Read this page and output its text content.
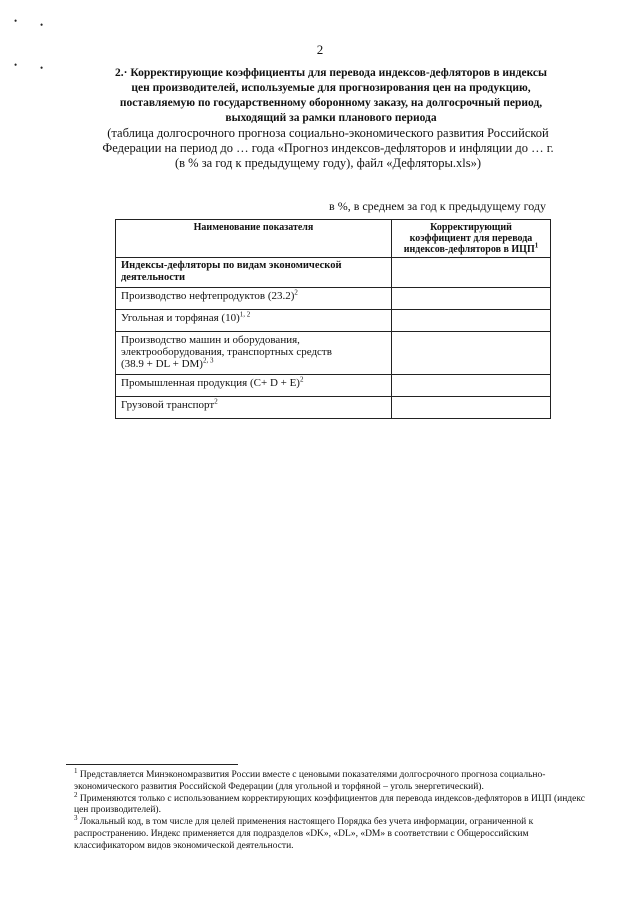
•	•
•	•
2
2.· Корректирующие коэффициенты для перевода индексов-дефляторов в индексы
цен производителей, используемые для прогнозирования цен на продукцию,
поставляемую по государственному оборонному заказу, на долгосрочный период,
выходящий за рамки планового периода
(таблица долгосрочного прогноза социально-экономического развития Российской
Федерации на период до … года «Прогноз индексов-дефляторов и инфляции до … г.
(в % за год к предыдущему году), файл «Дефляторы.xls»)
в %, в среднем за год к предыдущему году
Наименование показателя	Корректирующий
коэффициент для перевода
индексов-дефляторов в ИЦП$^1$

Индексы-дефляторы по видам экономической деятельности	
Производство нефтепродуктов $(23.2)^2$	
Угольная и торфяная $(10)^{1, 2}$	

Производство машин и оборудования,
электрооборудования, транспортных средств
(38.9 + DL + DM)$^{2, 3}$

Промышленная продукция $(C+ D + E)^2$	
Грузовой транспорт$^2$	

$^1$ Представляется Минэкономразвития России вместе с ценовыми показателями долгосрочного прогноза социально-экономического развития Российской Федерации (для угольной и торфяной – уголь энергетический).

$^2$ Применяются только с использованием корректирующих коэффициентов для перевода индексов-дефляторов в ИЦП (индекс цен производителей).

$^3$ Локальный код, в том числе для целей применения настоящего Порядка без учета информации, ограниченной к распространению. Индекс применяется для подразделов «DK», «DL», «DM» в соответствии с Общероссийским классификатором видов экономической деятельности.
